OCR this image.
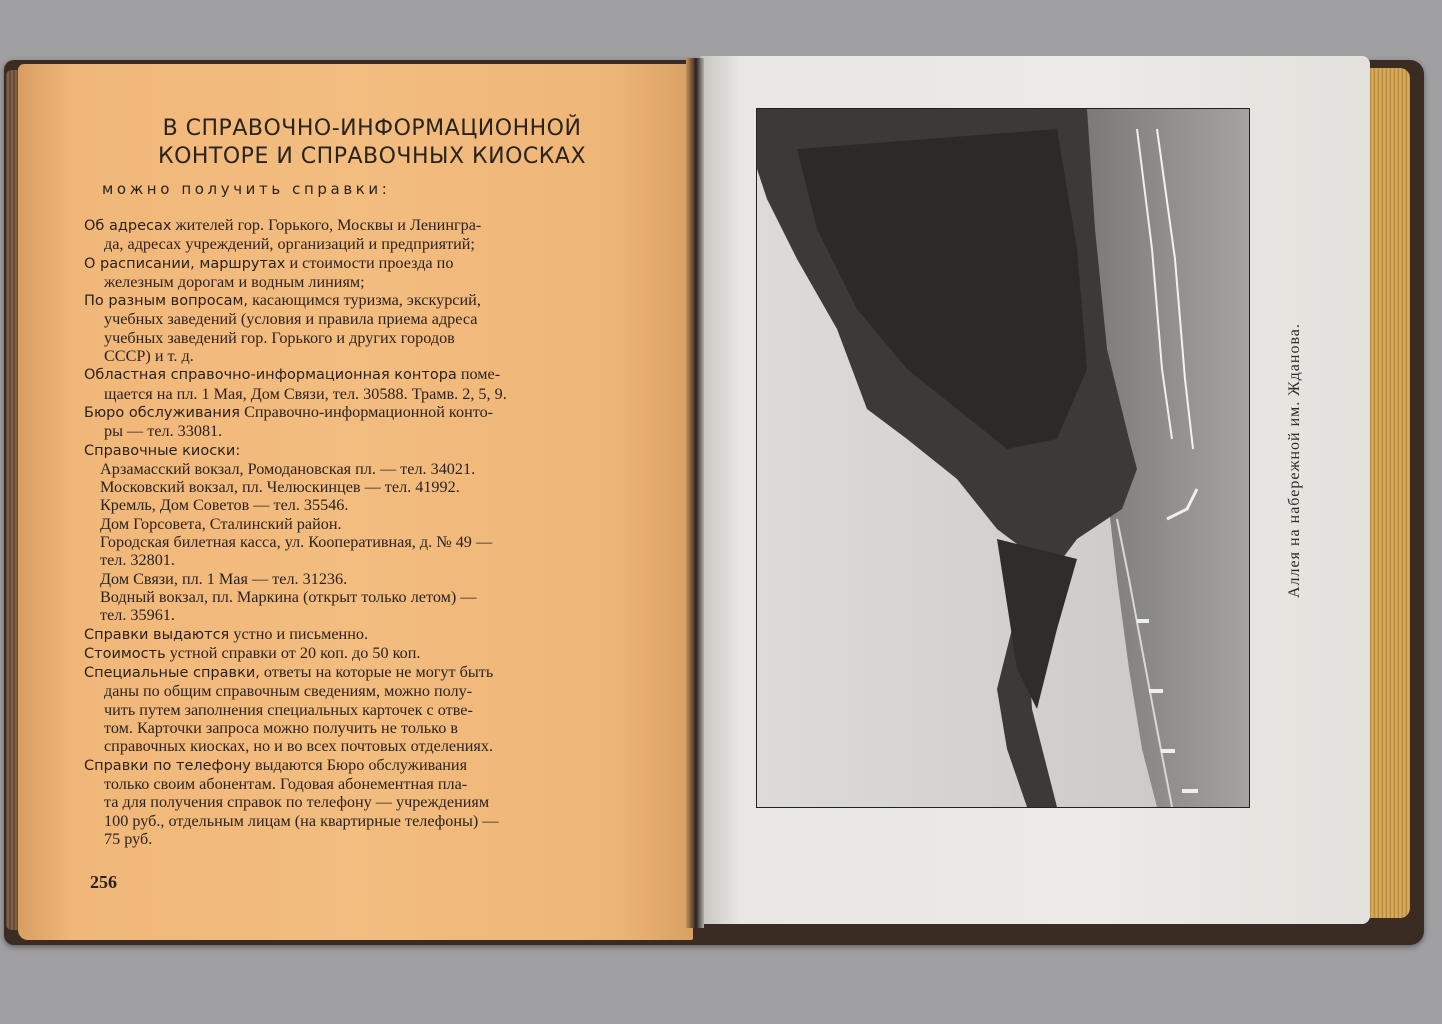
В СПРАВОЧНО-ИНФОРМАЦИОННОЙ
КОНТОРЕ И СПРАВОЧНЫХ КИОСКАХ
можно получить справки:

Об адресах жителей гор. Горького, Москвы и Ленингра-

да, адресах учреждений, организаций и предприятий;

О расписании, маршрутах и стоимости проезда по

железным дорогам и водным линиям;

По разным вопросам, касающимся туризма, экскурсий,

учебных заведений (условия и правила приема адреса

учебных заведений гор. Горького и других городов

СССР) и т. д.

Областная справочно-информационная контора поме-

щается на пл. 1 Мая, Дом Связи, тел. 30588. Трамв. 2, 5, 9.

Бюро обслуживания Справочно-информационной конто-

ры — тел. 33081.

Справочные киоски:

Арзамасский вокзал, Ромодановская пл. — тел. 34021.

Московский вокзал, пл. Челюскинцев — тел. 41992.

Кремль, Дом Советов — тел. 35546.

Дом Горсовета, Сталинский район.

Городская билетная касса, ул. Кооперативная, д. № 49 —

тел. 32801.

Дом Связи, пл. 1 Мая — тел. 31236.

Водный вокзал, пл. Маркина (открыт только летом) —

тел. 35961.

Справки выдаются устно и письменно.

Стоимость устной справки от 20 коп. до 50 коп.

Специальные справки, ответы на которые не могут быть

даны по общим справочным сведениям, можно полу-

чить путем заполнения специальных карточек с отве-

том. Карточки запроса можно получить не только в

справочных киосках, но и во всех почтовых отделениях.

Справки по телефону выдаются Бюро обслуживания

только своим абонентам. Годовая абонементная пла-

та для получения справок по телефону — учреждениям

100 руб., отдельным лицам (на квартирные телефоны) —

75 руб.

256
Аллея на набережной им. Жданова.
